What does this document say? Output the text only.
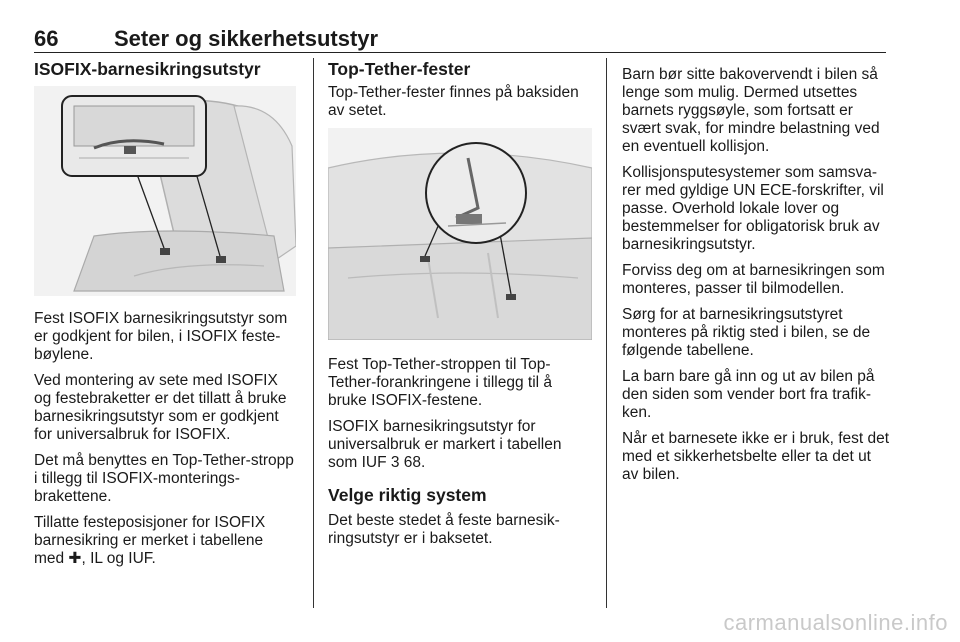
66	Seter og sikkerhetsutstyr
ISOFIX-barnesikringsutstyr

Fest ISOFIX barnesikringsutstyr som er godkjent for bilen, i ISOFIX festebøylene.

Ved montering av sete med ISOFIX og festebraketter er det tillatt å bruke barnesikringsutstyr som er godkjent for universalbruk for ISOFIX.

Det må benyttes en Top-Tether-stropp i tillegg til ISOFIX-monteringsbrakettene.

Tillatte festeposisjoner for ISOFIX barnesikring er merket i tabellene med ✚, IL og IUF.

Top-Tether-fester

Top-Tether-fester finnes på baksiden av setet.

Fest Top-Tether-stroppen til Top-Tether-forankringene i tillegg til å bruke ISOFIX-festene.

ISOFIX barnesikringsutstyr for universalbruk er markert i tabellen som IUF 3 68.

Velge riktig system

Det beste stedet å feste barnesikringsutstyr er i baksetet.

Barn bør sitte bakovervendt i bilen så lenge som mulig. Dermed utsettes barnets ryggsøyle, som fortsatt er svært svak, for mindre belastning ved en eventuell kollisjon.

Kollisjonsputesystemer som samsvarer med gyldige UN ECE-forskrifter, vil passe. Overhold lokale lover og bestemmelser for obligatorisk bruk av barnesikringsutstyr.

Forviss deg om at barnesikringen som monteres, passer til bilmodellen.

Sørg for at barnesikringsutstyret monteres på riktig sted i bilen, se de følgende tabellene.

La barn bare gå inn og ut av bilen på den siden som vender bort fra trafikken.

Når et barnesete ikke er i bruk, fest det med et sikkerhetsbelte eller ta det ut av bilen.

carmanualsonline.info
